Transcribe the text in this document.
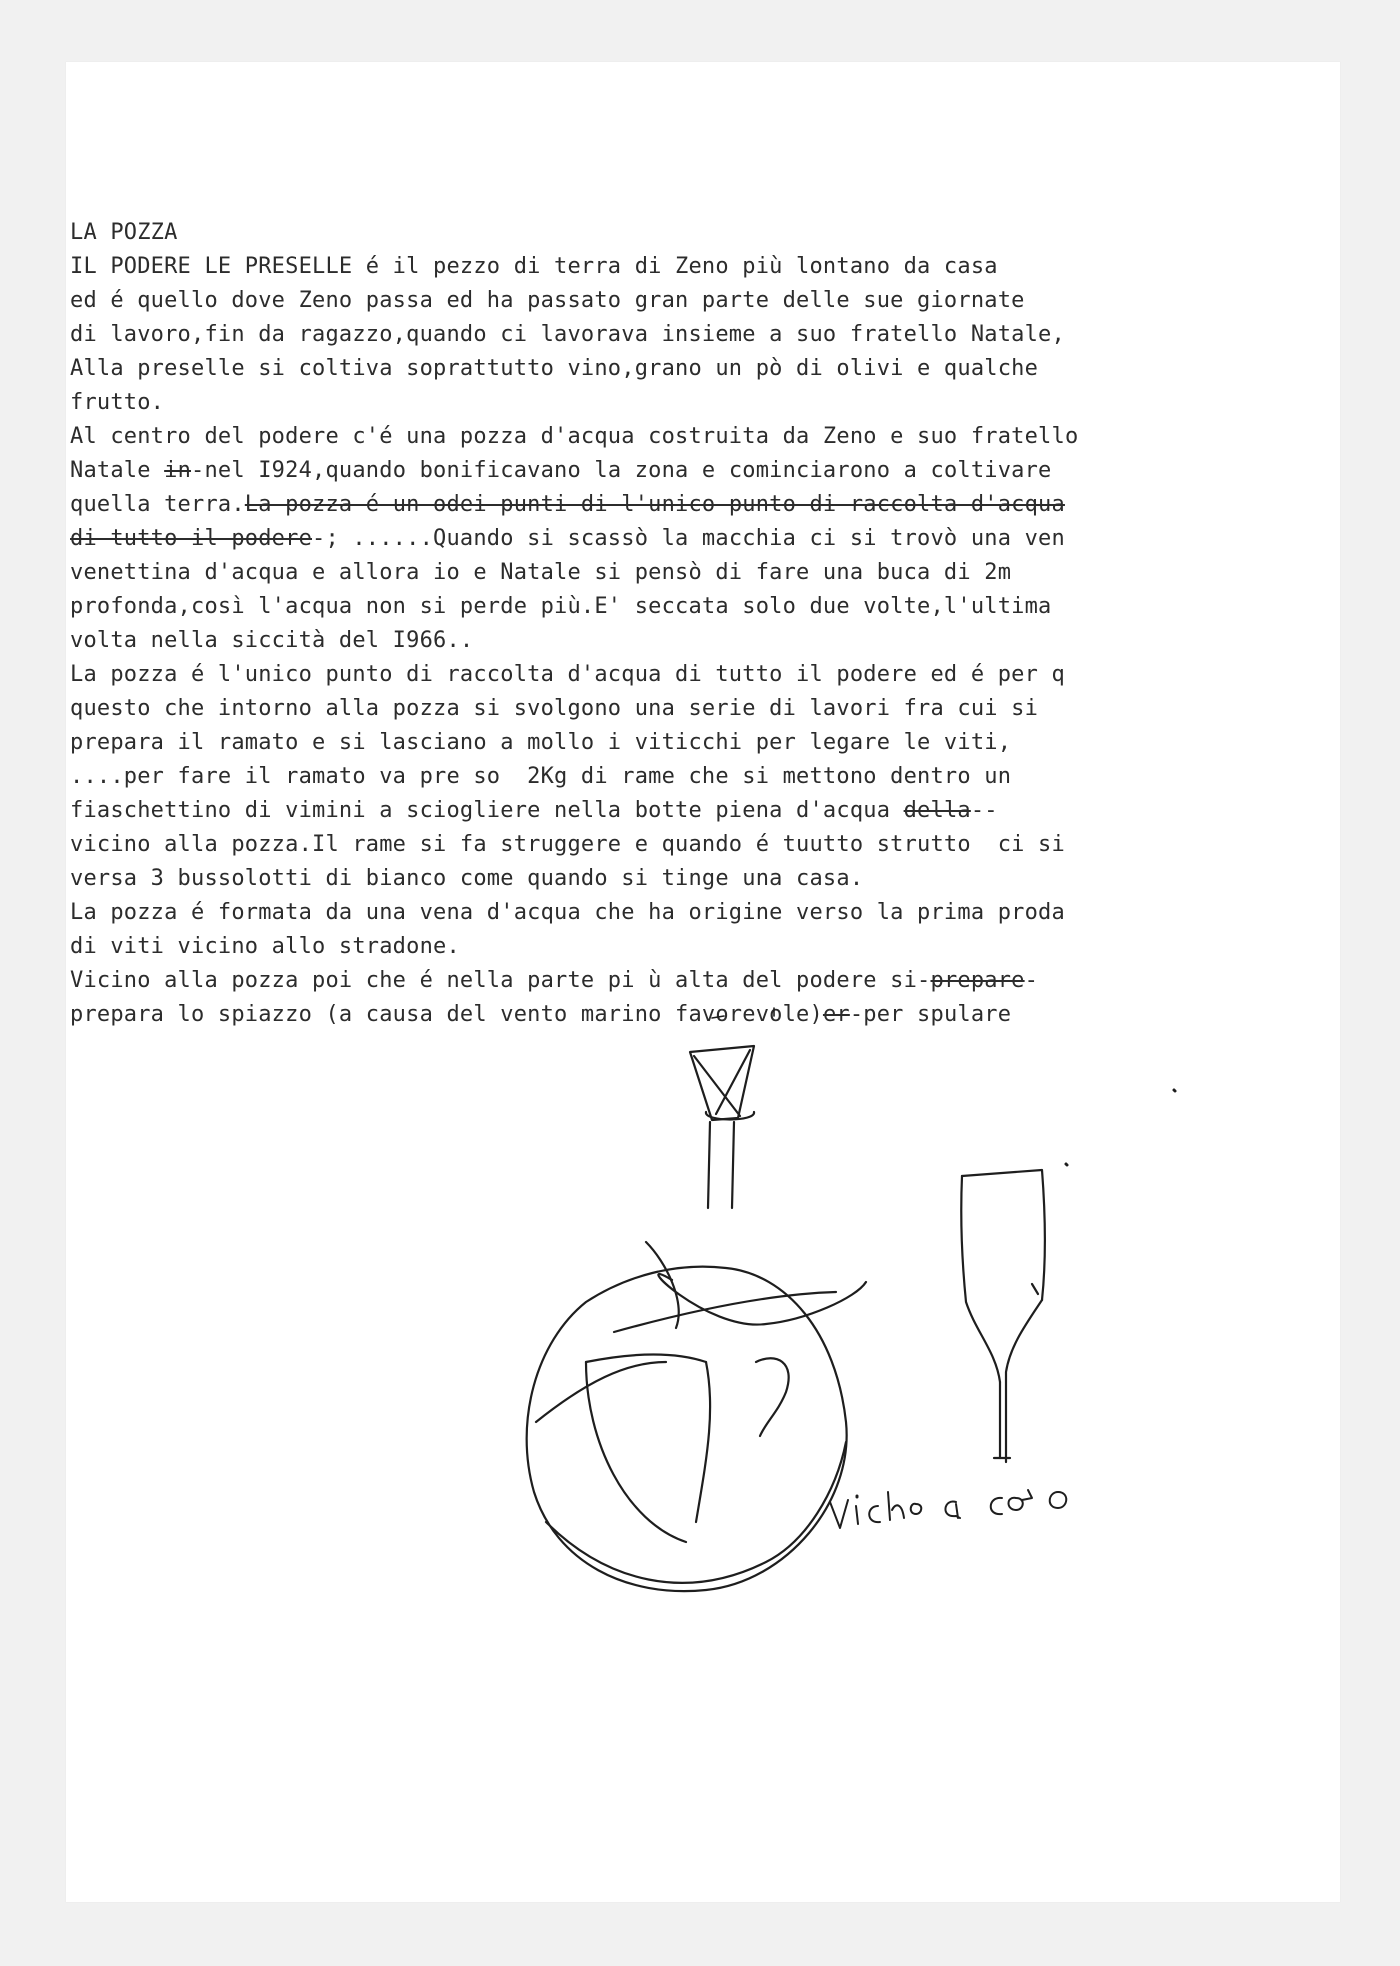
LA POZZA
IL PODERE LE PRESELLE é il pezzo di terra di Zeno più lontano da casa
ed é quello dove Zeno passa ed ha passato gran parte delle sue giornate
di lavoro,fin da ragazzo,quando ci lavorava insieme a suo fratello Natale,
Alla preselle si coltiva soprattutto vino,grano un pò di olivi e qualche
frutto.
Al centro del podere c'é una pozza d'acqua costruita da Zeno e suo fratello
Natale in-nel I924,quando bonificavano la zona e cominciarono a coltivare
quella terra.La pozza é un odei punti di l'unico punto di raccolta d'acqua
di tutto il podere-; ......Quando si scassò la macchia ci si trovò una ven
venettina d'acqua e allora io e Natale si pensò di fare una buca di 2m
profonda,così l'acqua non si perde più.E' seccata solo due volte,l'ultima
volta nella siccità del I966..
La pozza é l'unico punto di raccolta d'acqua di tutto il podere ed é per q
questo che intorno alla pozza si svolgono una serie di lavori fra cui si
prepara il ramato e si lasciano a mollo i viticchi per legare le viti,
....per fare il ramato va pre so  2Kg di rame che si mettono dentro un
fiaschettino di vimini a sciogliere nella botte piena d'acqua della--
vicino alla pozza.Il rame si fa struggere e quando é tuutto strutto  ci si
versa 3 bussolotti di bianco come quando si tinge una casa.
La pozza é formata da una vena d'acqua che ha origine verso la prima proda
di viti vicino allo stradone.
Vicino alla pozza poi che é nella parte pi ù alta del podere si-prepare-
prepara lo spiazzo (a causa del vento marino favorevole)er-per spulare
